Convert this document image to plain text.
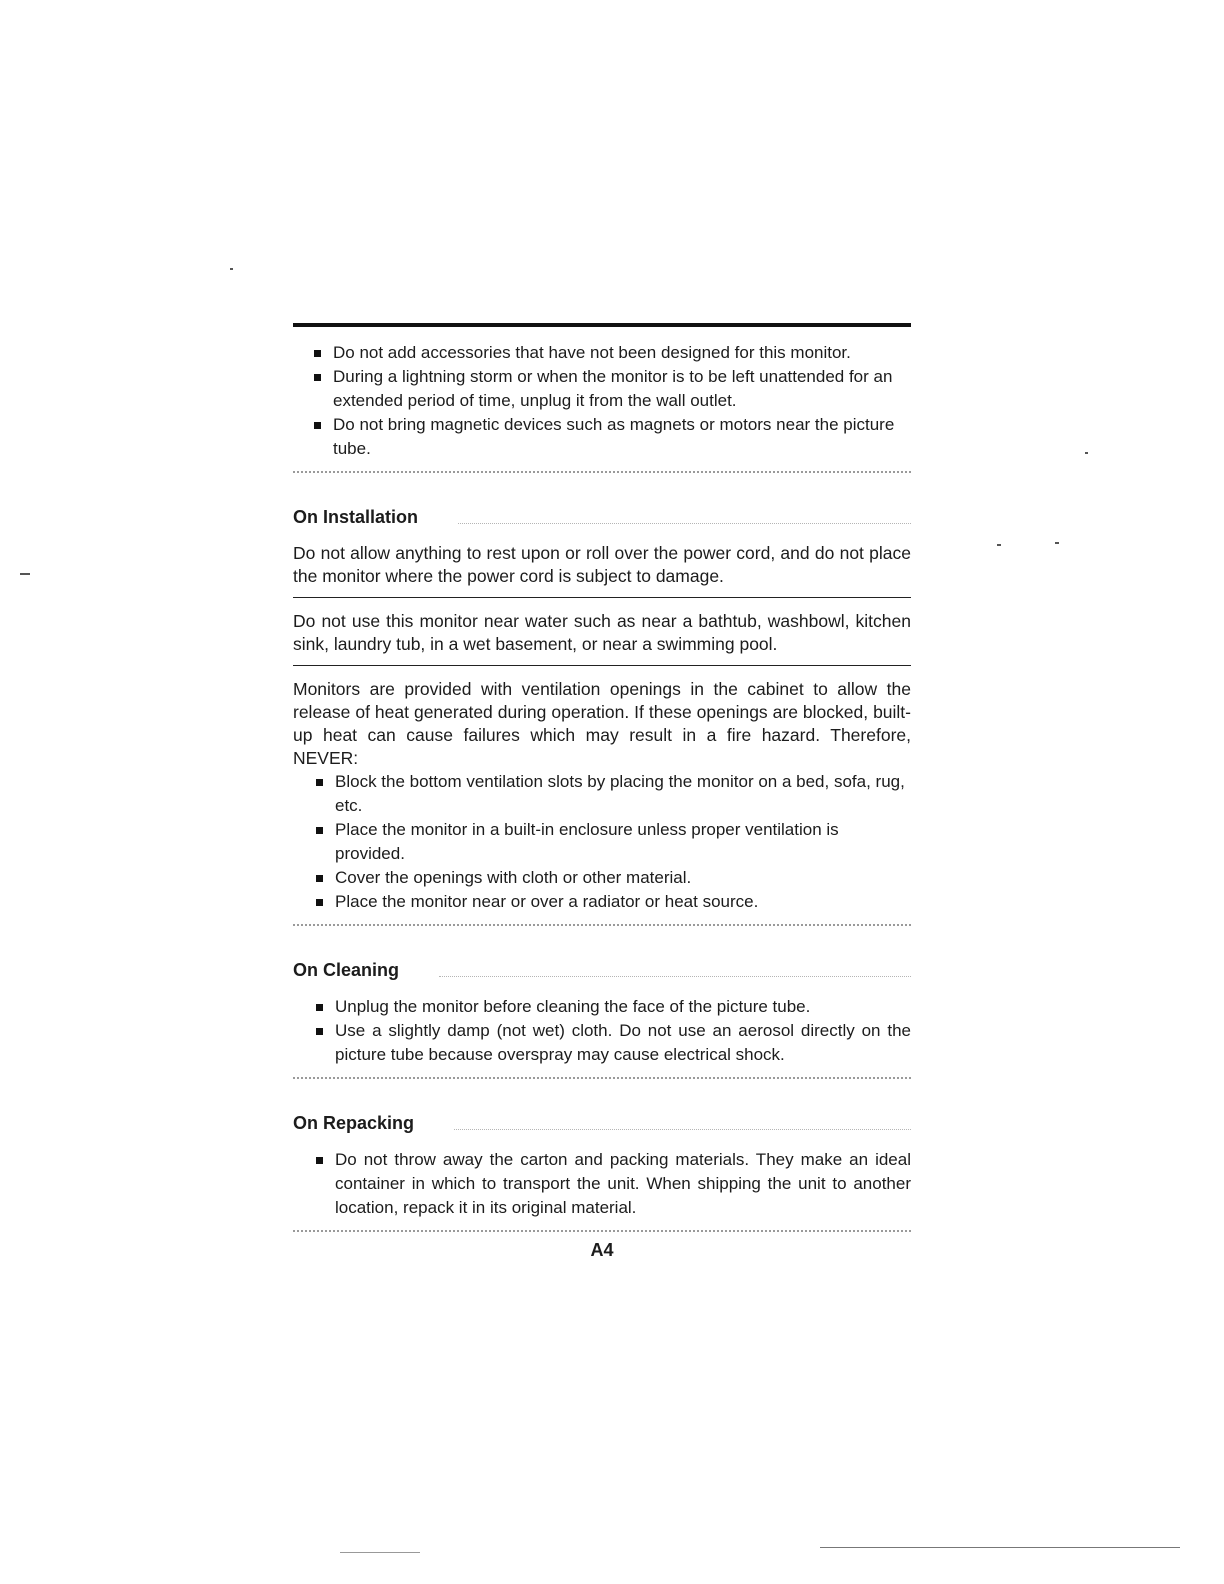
Do not add accessories that have not been designed for this monitor.
During a lightning storm or when the monitor is to be left unattended for an extended period of time, unplug it from the wall outlet.
Do not bring magnetic devices such as magnets or motors near the picture tube.
On Installation
Do not allow anything to rest upon or roll over the power cord, and do not place the monitor where the power cord is subject to damage.
Do not use this monitor near water such as near a bathtub, washbowl, kitchen sink, laundry tub, in a wet basement, or near a swimming pool.
Monitors are provided with ventilation openings in the cabinet to allow the release of heat generated during operation. If these openings are blocked, built-up heat can cause failures which may result in a fire hazard. Therefore, NEVER:
Block the bottom ventilation slots by placing the monitor on a bed, sofa, rug, etc.
Place the monitor in a built-in enclosure unless proper ventilation is provided.
Cover the openings with cloth or other material.
Place the monitor near or over a radiator or heat source.
On Cleaning
Unplug the monitor before cleaning the face of the picture tube.
Use a slightly damp (not wet) cloth. Do not use an aerosol directly on the picture tube because overspray may cause electrical shock.
On Repacking
Do not throw away the carton and packing materials. They make an ideal container in which to transport the unit. When shipping the unit to another location, repack it in its original material.
A4
